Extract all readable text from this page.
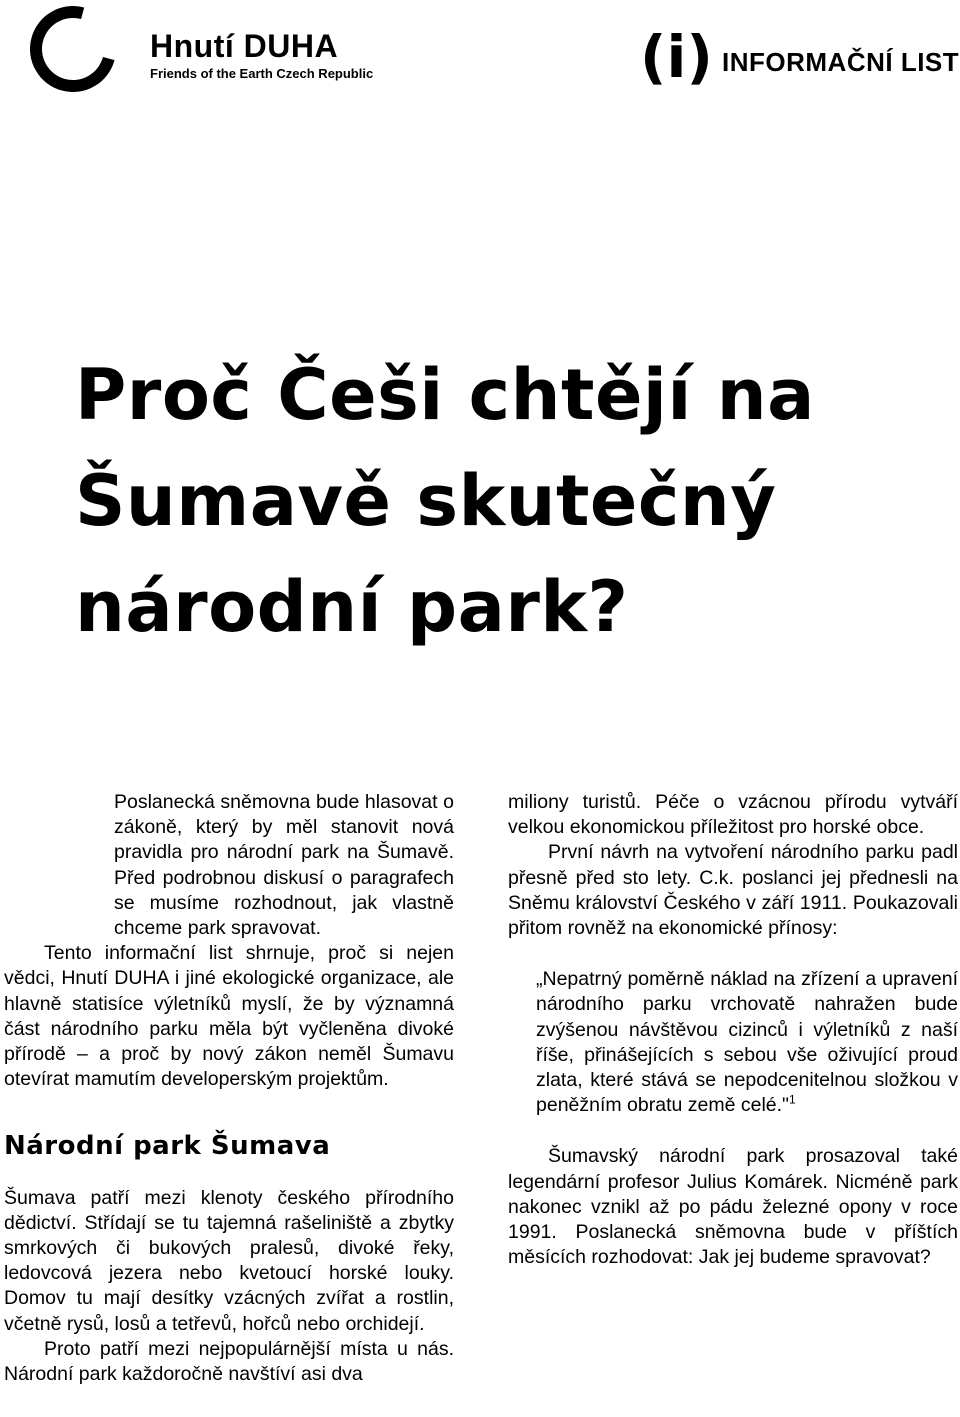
Hnutí DUHA
Friends of the Earth Czech Republic	(i) INFORMAČNÍ LIST
Proč Češi chtějí na
Šumavě skutečný
národní park?

Poslanecká sněmovna bude hlasovat o zákoně, který by měl stanovit nová pravidla pro národní park na Šumavě. Před podrobnou diskusí o paragrafech se musíme rozhodnout, jak vlastně chceme park spravovat.

Tento informační list shrnuje, proč si nejen vědci, Hnutí DUHA i jiné ekologické organizace, ale hlavně statisíce výletníků myslí, že by významná část národního parku měla být vyčleněna divoké přírodě – a proč by nový zákon neměl Šumavu otevírat mamutím developerským projektům.

Národní park Šumava

Šumava patří mezi klenoty českého přírodního dědictví. Střídají se tu tajemná rašeliniště a zbytky smrkových či bukových pralesů, divoké řeky, ledovcová jezera nebo kvetoucí horské louky. Domov tu mají desítky vzácných zvířat a rostlin, včetně rysů, losů a tetřevů, hořců nebo orchidejí.

Proto patří mezi nejpopulárnější místa u nás. Národní park každoročně navštíví asi dva

miliony turistů. Péče o vzácnou přírodu vytváří velkou ekonomickou příležitost pro horské obce.

První návrh na vytvoření národního parku padl přesně před sto lety. C.k. poslanci jej přednesli na Sněmu království Českého v září 1911. Poukazovali přitom rovněž na ekonomické přínosy:

„Nepatrný poměrně náklad na zřízení a upravení národního parku vrchovatě nahražen bude zvýšenou návštěvou cizinců i výletníků z naší říše, přinášejících s sebou vše oživující proud zlata, které stává se nepodcenitelnou složkou v peněžním obratu země celé."$^1$

Šumavský národní park prosazoval také legendární profesor Julius Komárek. Nicméně park nakonec vznikl až po pádu železné opony v roce 1991. Poslanecká sněmovna bude v příštích měsících rozhodovat: Jak jej budeme spravovat?
